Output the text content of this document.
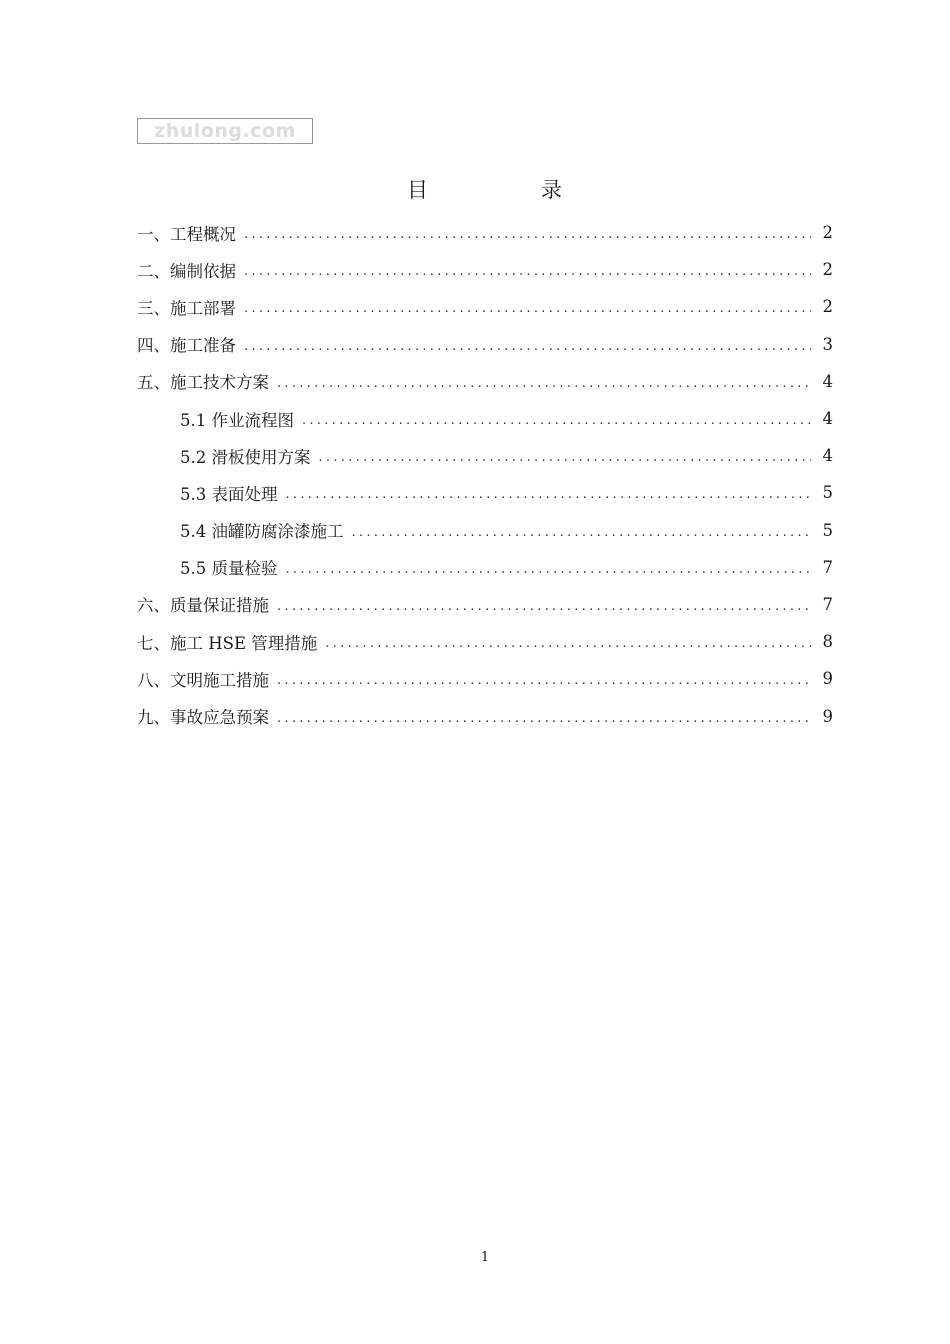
zhulong.com
目	录
一、工程概况 .....	2
二、编制依据 .....	2
三、施工部署 .....	2
四、施工准备 .....	3
五、施工技术方案 .....	4
5.1 作业流程图 .....	4
5.2 滑板使用方案 .....	4
5.3 表面处理 .....	5
5.4 油罐防腐涂漆施工 .....	5
5.5 质量检验 .....	7
六、质量保证措施 .....	7
七、施工 HSE 管理措施 .....	8
八、文明施工措施 .....	9
九、事故应急预案 .....	9
1
